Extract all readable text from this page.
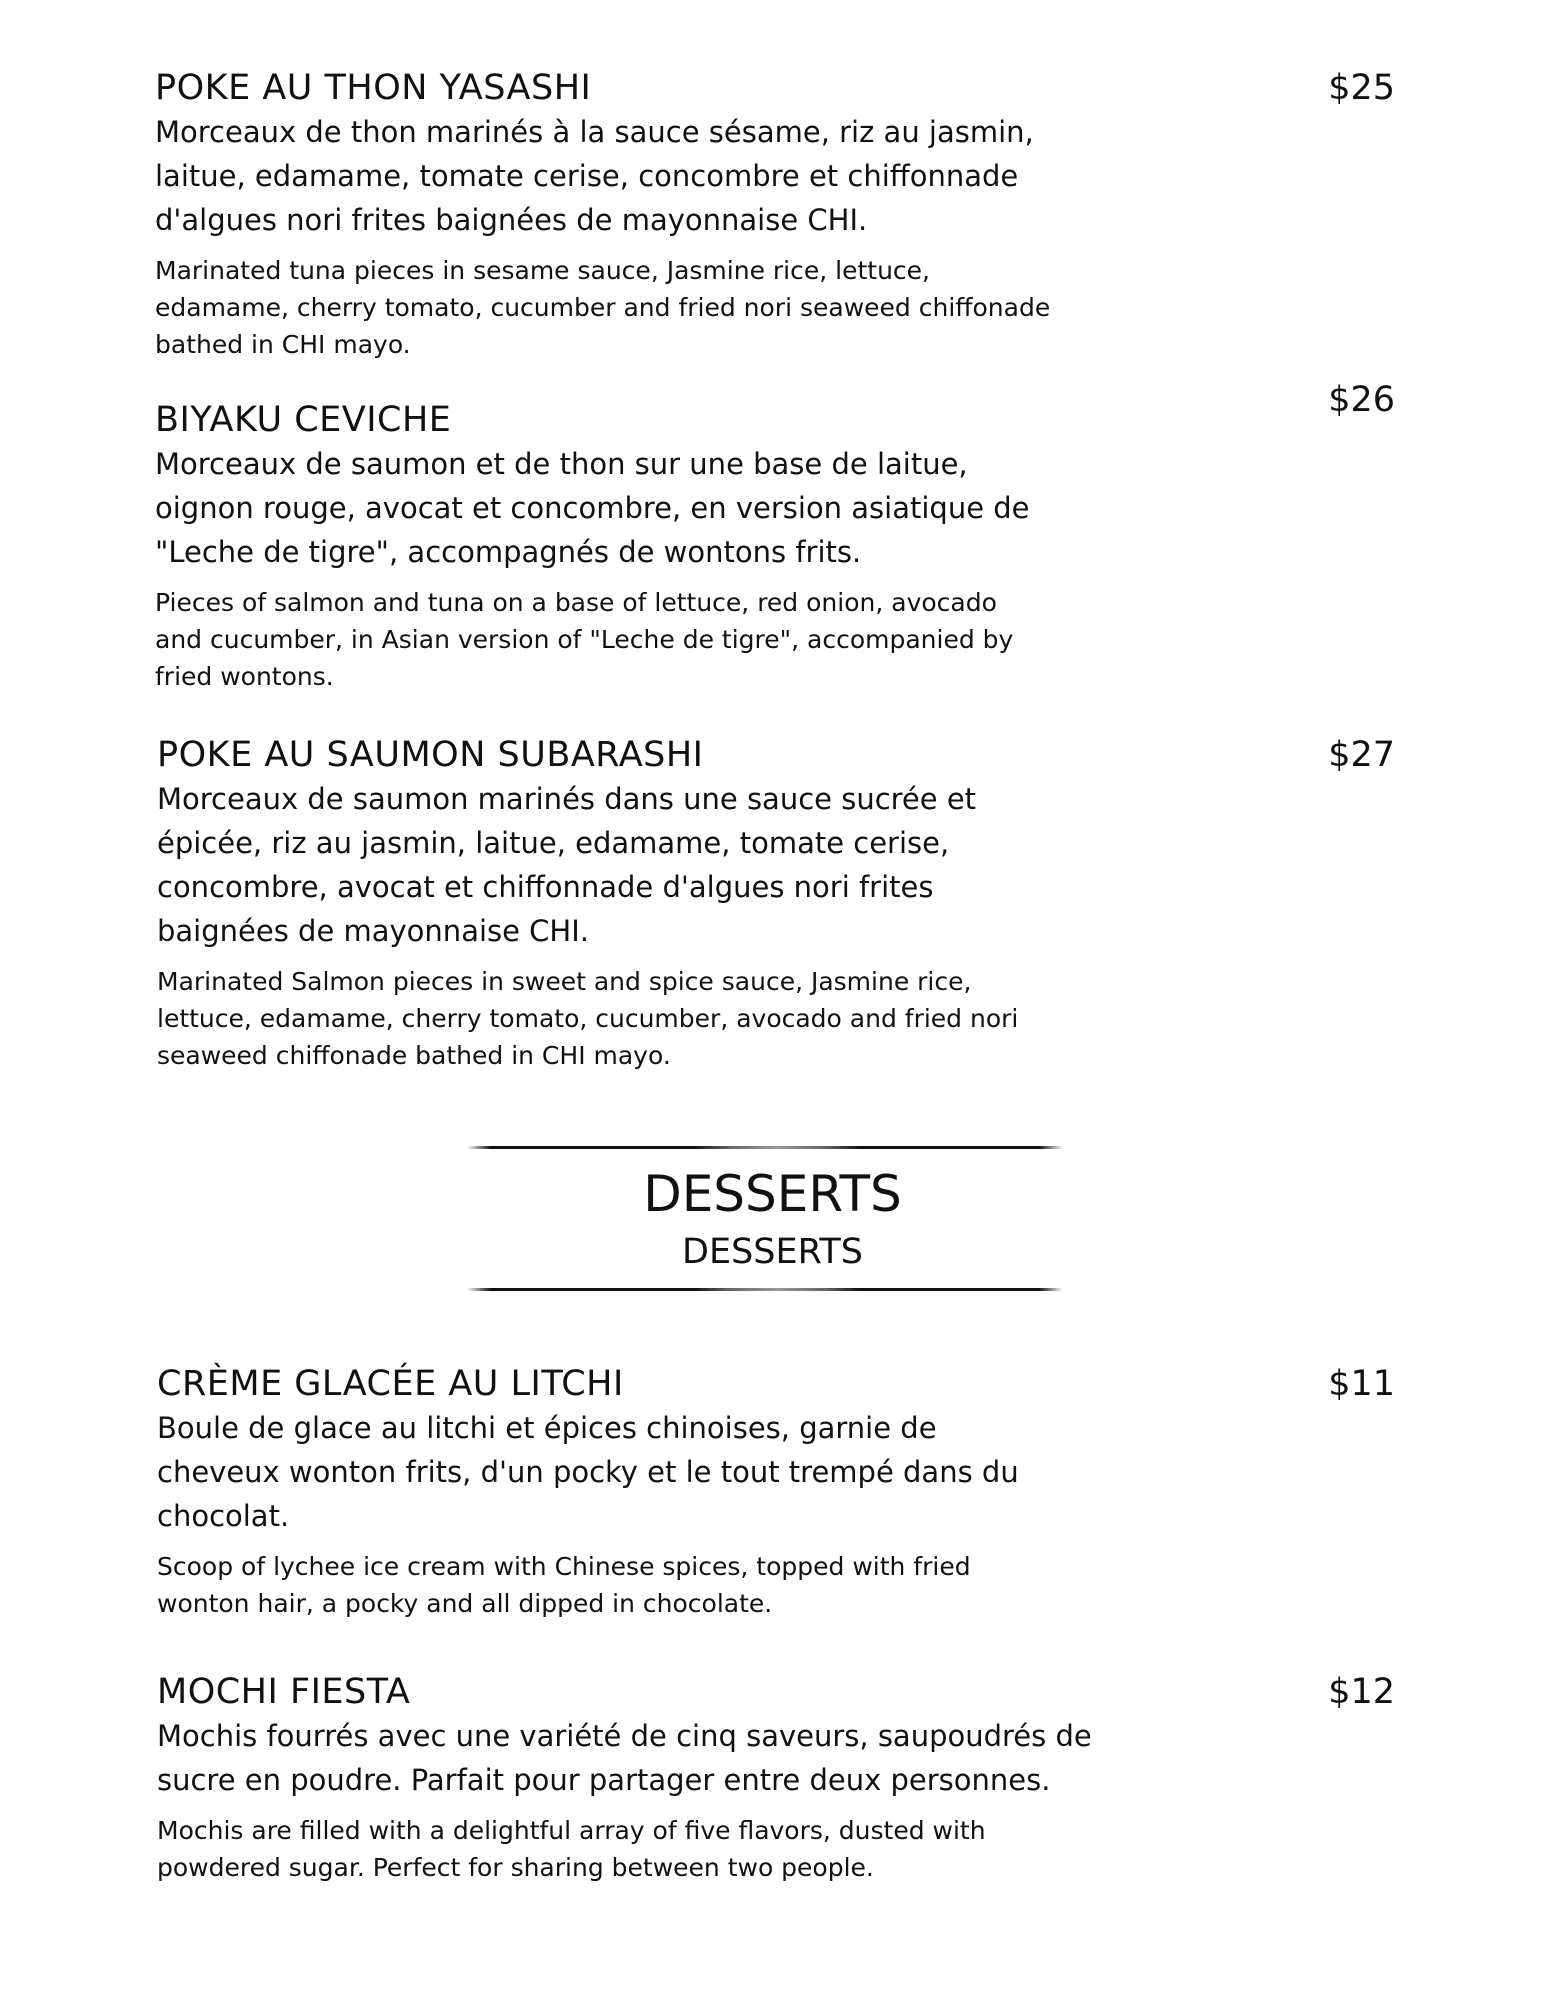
POKE AU THON YASASHI	$25

Morceaux de thon marinés à la sauce sésame, riz au jasmin, laitue, edamame, tomate cerise, concombre et chiffonnade d'algues nori frites baignées de mayonnaise CHI.

Marinated tuna pieces in sesame sauce, Jasmine rice, lettuce, edamame, cherry tomato, cucumber and fried nori seaweed chiffonade bathed in CHI mayo.

BIYAKU CEVICHE	$26

Morceaux de saumon et de thon sur une base de laitue, oignon rouge, avocat et concombre, en version asiatique de "Leche de tigre", accompagnés de wontons frits.

Pieces of salmon and tuna on a base of lettuce, red onion, avocado and cucumber, in Asian version of "Leche de tigre", accompanied by fried wontons.

POKE AU SAUMON SUBARASHI	$27

Morceaux de saumon marinés dans une sauce sucrée et épicée, riz au jasmin, laitue, edamame, tomate cerise, concombre, avocat et chiffonnade d'algues nori frites baignées de mayonnaise CHI.

Marinated Salmon pieces in sweet and spice sauce, Jasmine rice, lettuce, edamame, cherry tomato, cucumber, avocado and fried nori seaweed chiffonade bathed in CHI mayo.

DESSERTS
DESSERTS
CRÈME GLACÉE AU LITCHI	$11

Boule de glace au litchi et épices chinoises, garnie de cheveux wonton frits, d'un pocky et le tout trempé dans du chocolat.

Scoop of lychee ice cream with Chinese spices, topped with fried wonton hair, a pocky and all dipped in chocolate.

MOCHI FIESTA	$12

Mochis fourrés avec une variété de cinq saveurs, saupoudrés de sucre en poudre. Parfait pour partager entre deux personnes.

Mochis are filled with a delightful array of five flavors, dusted with powdered sugar. Perfect for sharing between two people.
